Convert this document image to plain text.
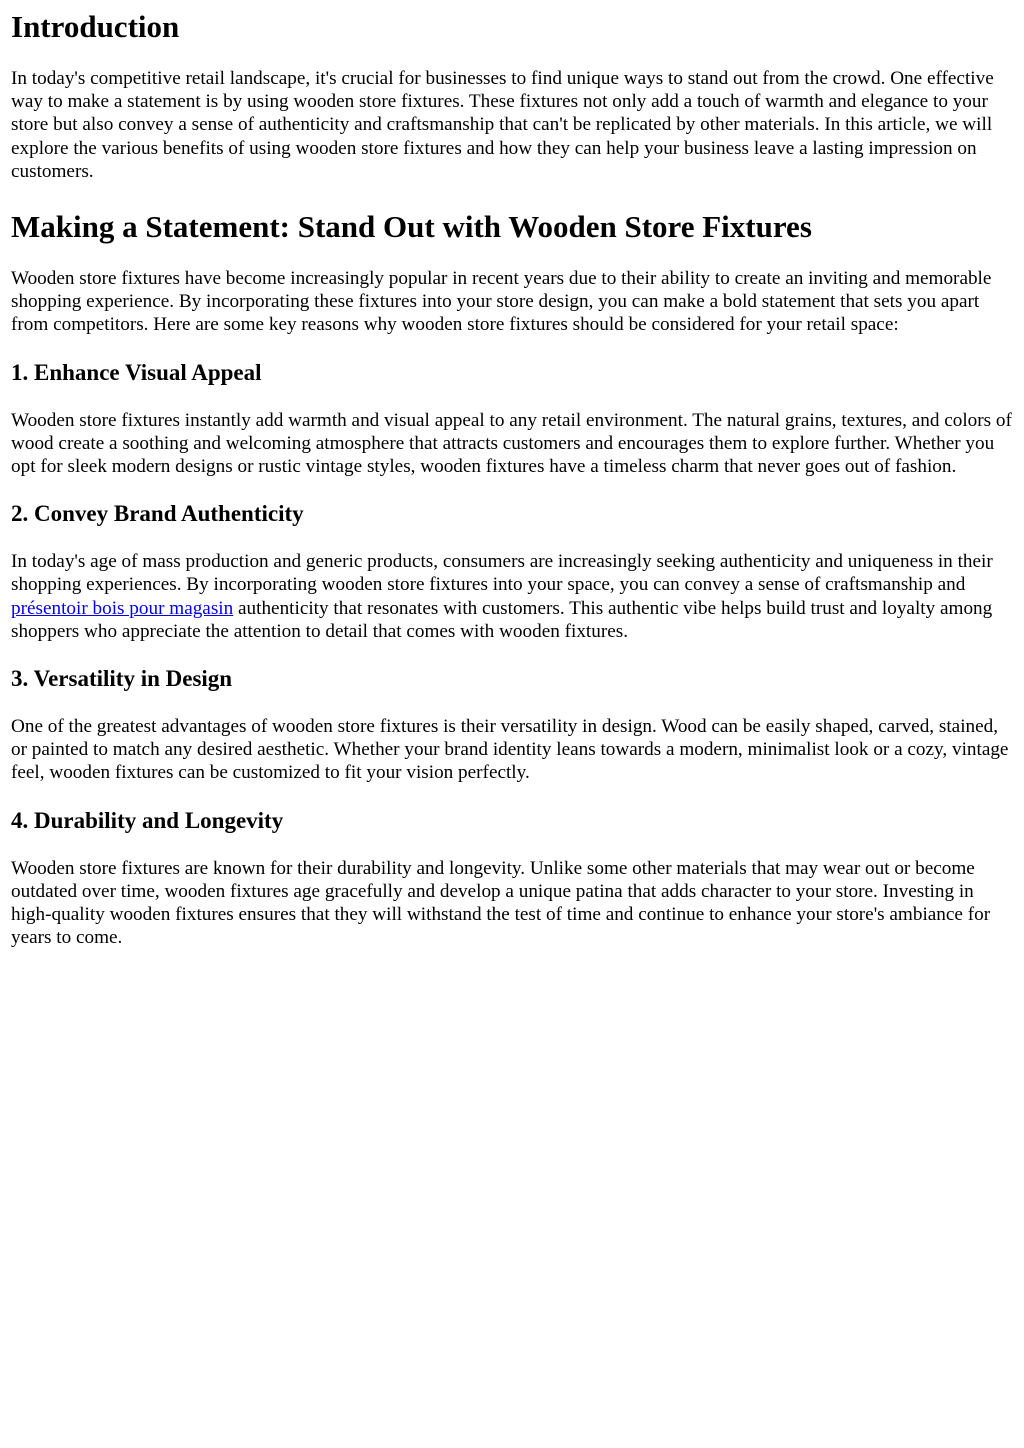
Introduction

In today's competitive retail landscape, it's crucial for businesses to find unique ways to stand out from the crowd. One effective way to make a statement is by using wooden store fixtures. These fixtures not only add a touch of warmth and elegance to your store but also convey a sense of authenticity and craftsmanship that can't be replicated by other materials. In this article, we will explore the various benefits of using wooden store fixtures and how they can help your business leave a lasting impression on customers.

Making a Statement: Stand Out with Wooden Store Fixtures

Wooden store fixtures have become increasingly popular in recent years due to their ability to create an inviting and memorable shopping experience. By incorporating these fixtures into your store design, you can make a bold statement that sets you apart from competitors. Here are some key reasons why wooden store fixtures should be considered for your retail space:

1. Enhance Visual Appeal

Wooden store fixtures instantly add warmth and visual appeal to any retail environment. The natural grains, textures, and colors of wood create a soothing and welcoming atmosphere that attracts customers and encourages them to explore further. Whether you opt for sleek modern designs or rustic vintage styles, wooden fixtures have a timeless charm that never goes out of fashion.

2. Convey Brand Authenticity

In today's age of mass production and generic products, consumers are increasingly seeking authenticity and uniqueness in their shopping experiences. By incorporating wooden store fixtures into your space, you can convey a sense of craftsmanship and présentoir bois pour magasin authenticity that resonates with customers. This authentic vibe helps build trust and loyalty among shoppers who appreciate the attention to detail that comes with wooden fixtures.

3. Versatility in Design

One of the greatest advantages of wooden store fixtures is their versatility in design. Wood can be easily shaped, carved, stained, or painted to match any desired aesthetic. Whether your brand identity leans towards a modern, minimalist look or a cozy, vintage feel, wooden fixtures can be customized to fit your vision perfectly.

4. Durability and Longevity

Wooden store fixtures are known for their durability and longevity. Unlike some other materials that may wear out or become outdated over time, wooden fixtures age gracefully and develop a unique patina that adds character to your store. Investing in high-quality wooden fixtures ensures that they will withstand the test of time and continue to enhance your store's ambiance for years to come.
